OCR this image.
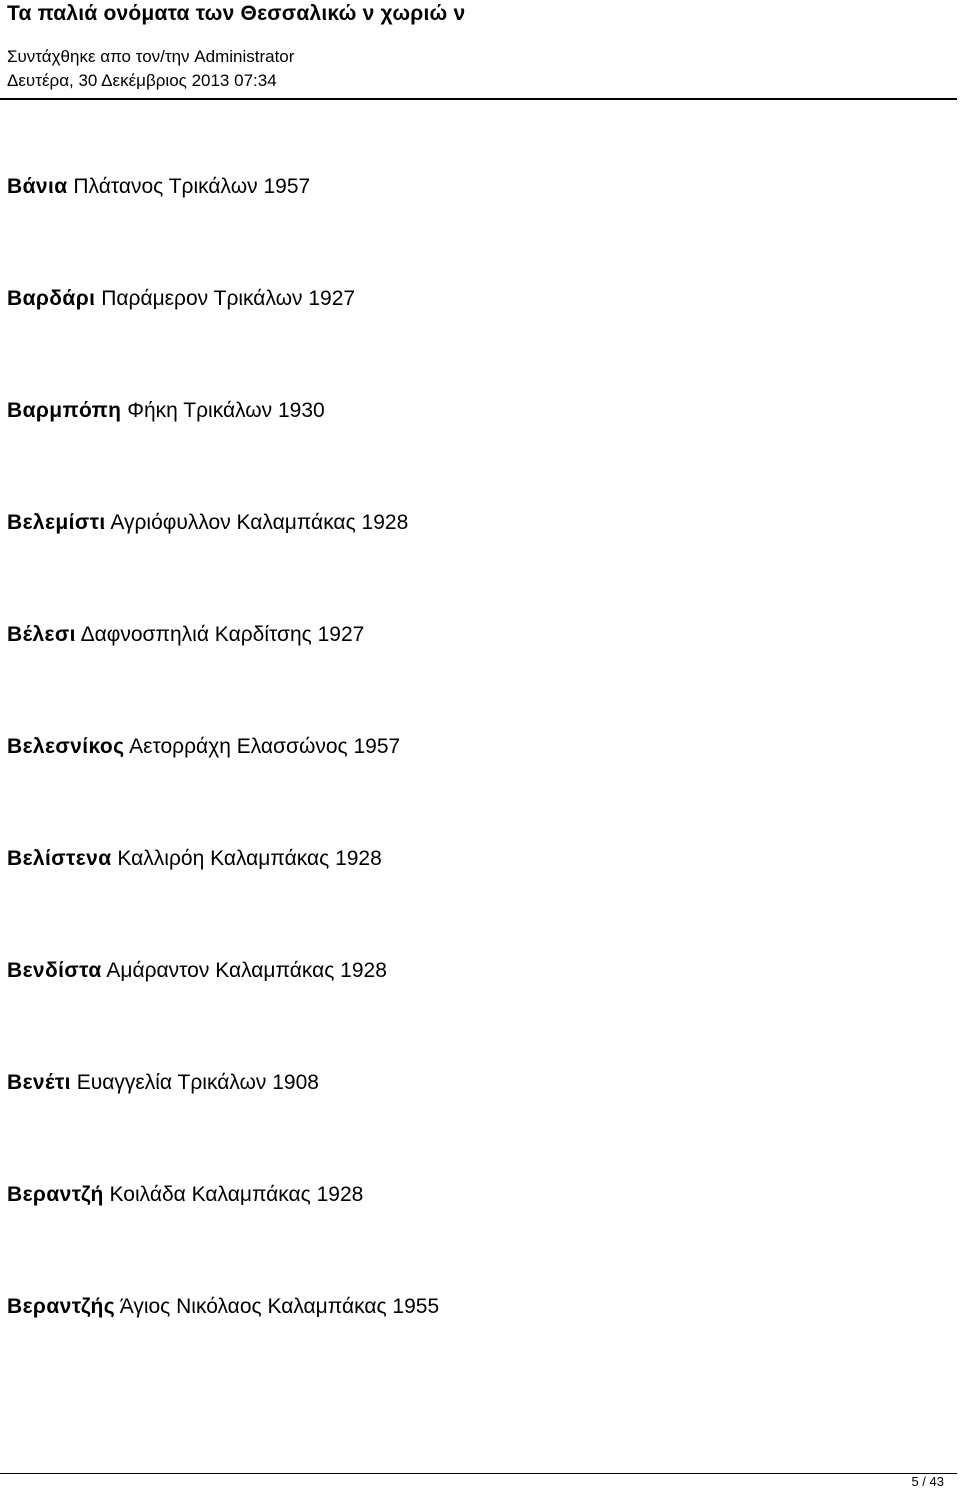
Τα παλιά ονόματα των Θεσσαλικώ ν χωριώ ν
Συντάχθηκε απο τον/την Administrator
Δευτέρα, 30 Δεκέμβριος 2013 07:34
Βάνια Πλάτανος Τρικάλων 1957
Βαρδάρι Παράμερον Τρικάλων 1927
Βαρμπόπη Φήκη Τρικάλων 1930
Βελεμίστι Αγριόφυλλον Καλαμπάκας 1928
Βέλεσι Δαφνοσπηλιά Καρδίτσης 1927
Βελεσνίκος Αετορράχη Ελασσώνος 1957
Βελίστενα Καλλιρόη Καλαμπάκας 1928
Βενδίστα Αμάραντον Καλαμπάκας 1928
Βενέτι Ευαγγελία Τρικάλων 1908
Βεραντζή Κοιλάδα Καλαμπάκας 1928
Βεραντζής Άγιος Νικόλαος Καλαμπάκας 1955
5 / 43
